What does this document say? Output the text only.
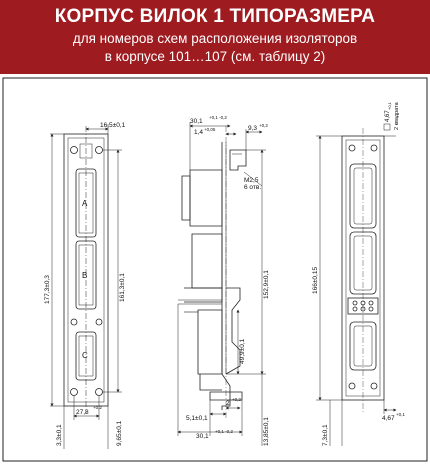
КОРПУС ВИЛОК 1 ТИПОРАЗМЕРА
для номеров схем расположения изоляторов
в корпусе 101…107 (см. таблицу 2)
A
B
C
16,5±0,1
177,3±0,3	161,3±0,1
27,8
+0,2
3,3±0,1	9,65±0,1
30,1
+0,1 -0,2
1,4 +0,05	9,3 +0,2
M2,5
6 отв.
152,9±0,1
49,9±0,1
5,1±0,1
2
+0,2
30,1
+0,1 -0,2	13,85±0,1
4,67
+0,1 2 квадрата
166±0,15
4,67
+0,1
7,3±0,1
